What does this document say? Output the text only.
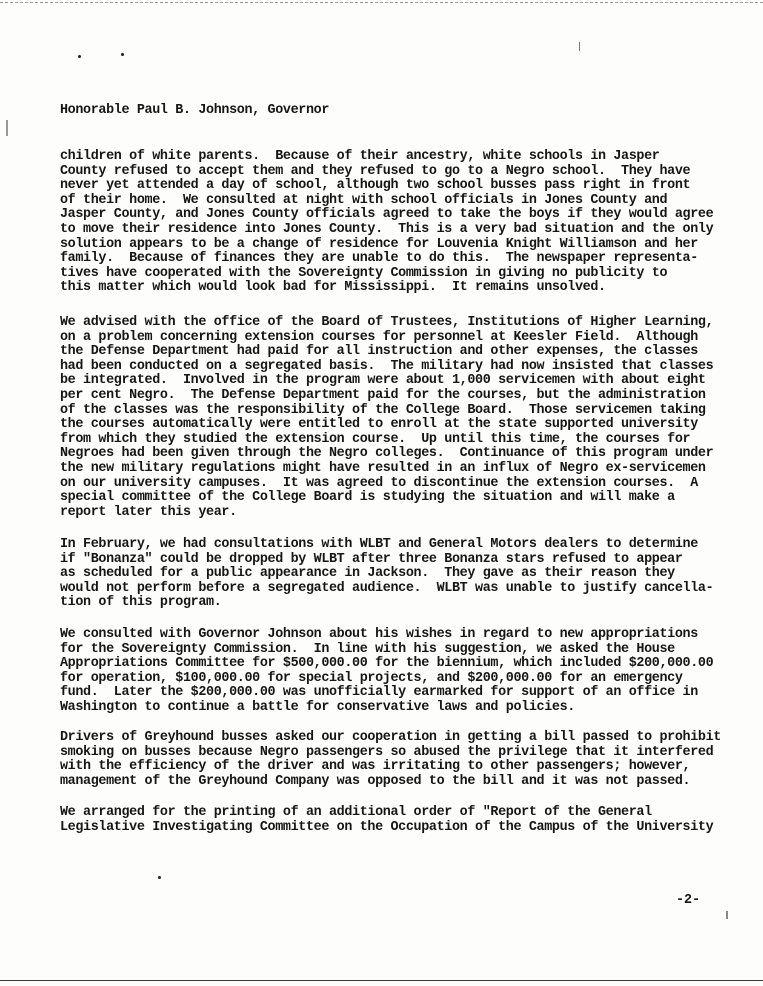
Honorable Paul B. Johnson, Governor
children of white parents.  Because of their ancestry, white schools in Jasper
County refused to accept them and they refused to go to a Negro school.  They have
never yet attended a day of school, although two school busses pass right in front
of their home.  We consulted at night with school officials in Jones County and
Jasper County, and Jones County officials agreed to take the boys if they would agree
to move their residence into Jones County.  This is a very bad situation and the only
solution appears to be a change of residence for Louvenia Knight Williamson and her
family.  Because of finances they are unable to do this.  The newspaper representa-
tives have cooperated with the Sovereignty Commission in giving no publicity to
this matter which would look bad for Mississippi.  It remains unsolved.
We advised with the office of the Board of Trustees, Institutions of Higher Learning,
on a problem concerning extension courses for personnel at Keesler Field.  Although
the Defense Department had paid for all instruction and other expenses, the classes
had been conducted on a segregated basis.  The military had now insisted that classes
be integrated.  Involved in the program were about 1,000 servicemen with about eight
per cent Negro.  The Defense Department paid for the courses, but the administration
of the classes was the responsibility of the College Board.  Those servicemen taking
the courses automatically were entitled to enroll at the state supported university
from which they studied the extension course.  Up until this time, the courses for
Negroes had been given through the Negro colleges.  Continuance of this program under
the new military regulations might have resulted in an influx of Negro ex-servicemen
on our university campuses.  It was agreed to discontinue the extension courses.  A
special committee of the College Board is studying the situation and will make a
report later this year.
In February, we had consultations with WLBT and General Motors dealers to determine
if "Bonanza" could be dropped by WLBT after three Bonanza stars refused to appear
as scheduled for a public appearance in Jackson.  They gave as their reason they
would not perform before a segregated audience.  WLBT was unable to justify cancella-
tion of this program.
We consulted with Governor Johnson about his wishes in regard to new appropriations
for the Sovereignty Commission.  In line with his suggestion, we asked the House
Appropriations Committee for $500,000.00 for the biennium, which included $200,000.00
for operation, $100,000.00 for special projects, and $200,000.00 for an emergency
fund.  Later the $200,000.00 was unofficially earmarked for support of an office in
Washington to continue a battle for conservative laws and policies.
Drivers of Greyhound busses asked our cooperation in getting a bill passed to prohibit
smoking on busses because Negro passengers so abused the privilege that it interfered
with the efficiency of the driver and was irritating to other passengers; however,
management of the Greyhound Company was opposed to the bill and it was not passed.
We arranged for the printing of an additional order of "Report of the General
Legislative Investigating Committee on the Occupation of the Campus of the University
-2-
